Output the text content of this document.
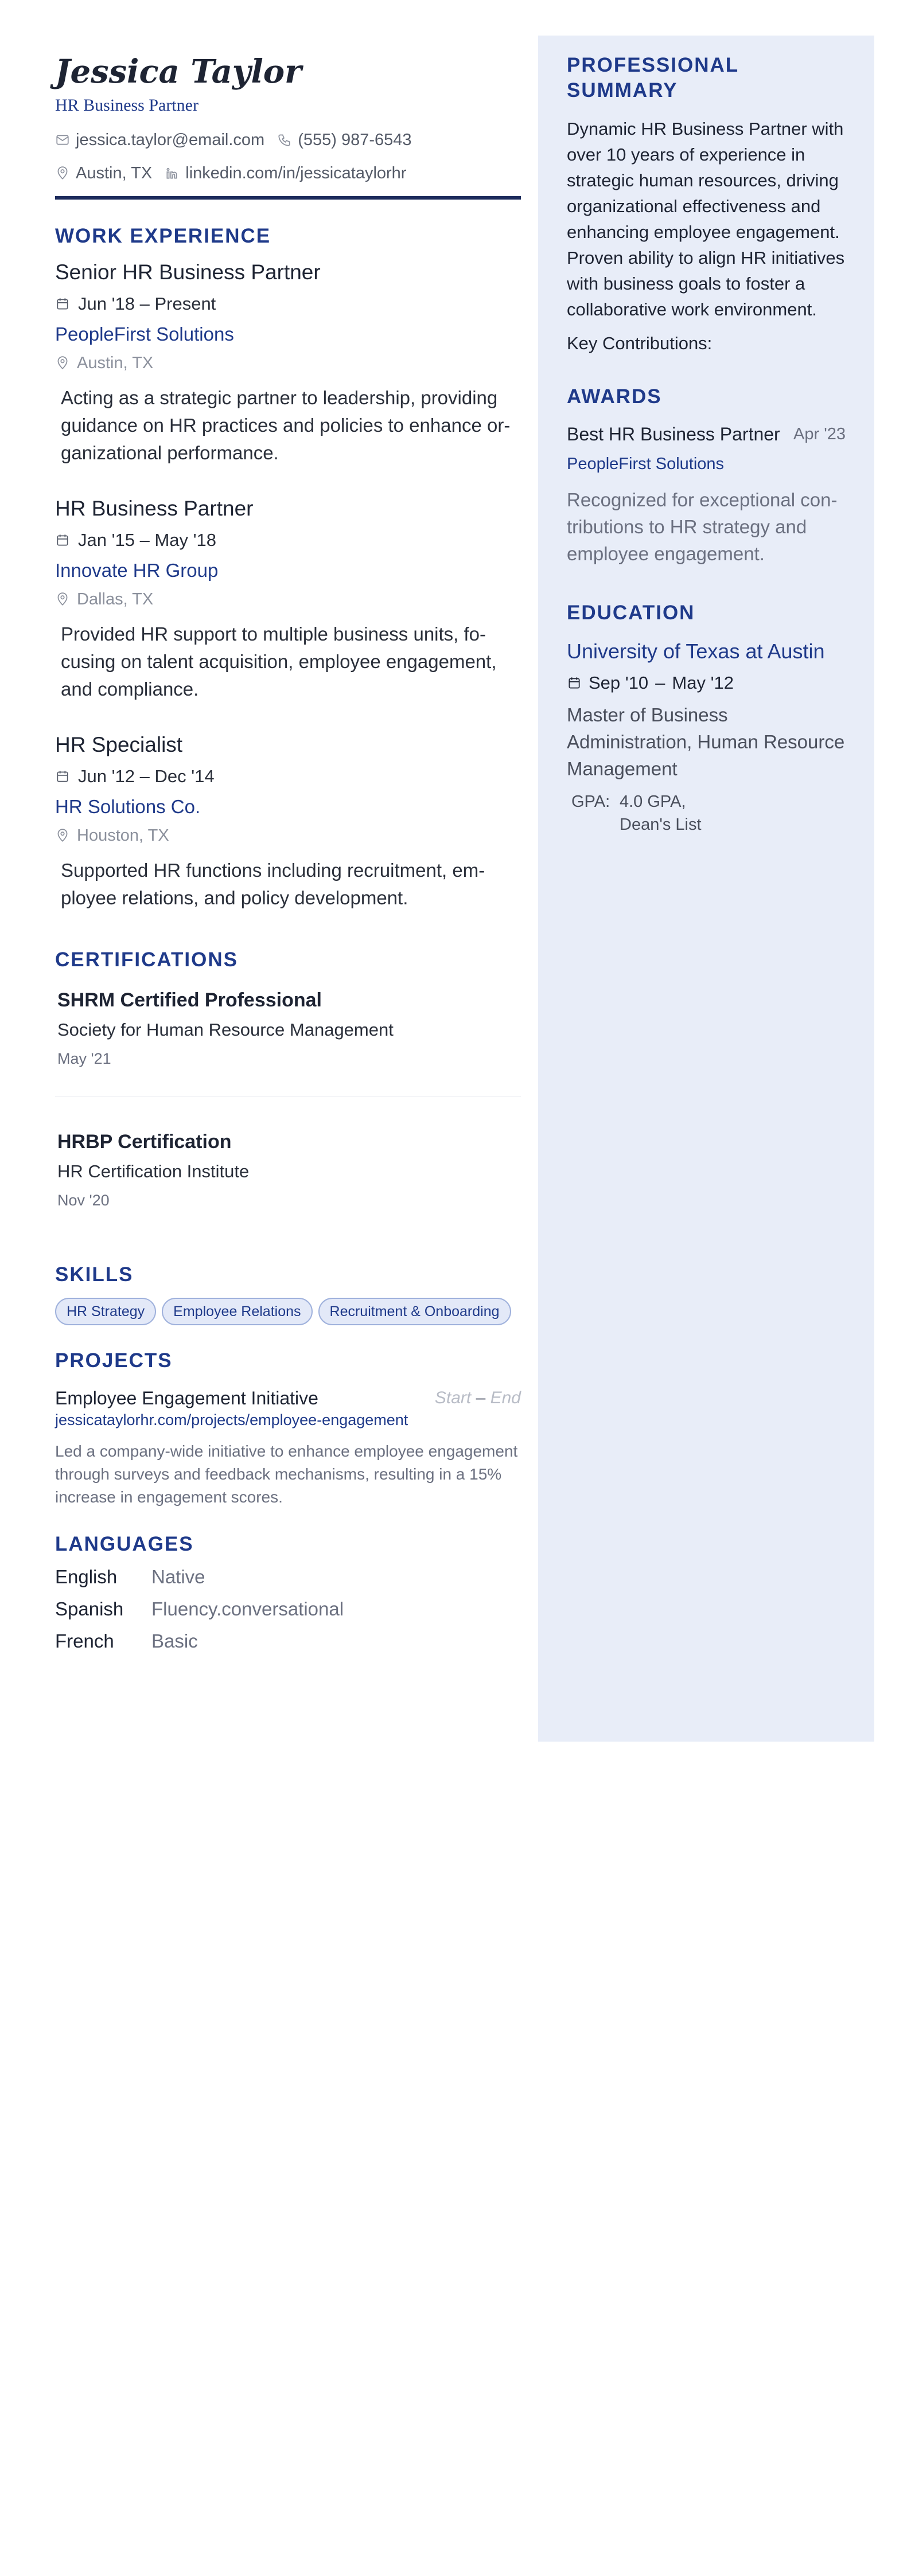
Jessica Taylor
HR Business Partner
jessica.taylor@email.com (555) 987-6543
Austin, TX linkedin.com/in/jessicataylorhr
WORK EXPERIENCE
Senior HR Business Partner
Jun '18 – Present
PeopleFirst Solutions
Austin, TX
Acting as a strategic partner to leadership, providing guidance on HR practices and policies to enhance organizational performance.
HR Business Partner
Jan '15 – May '18
Innovate HR Group
Dallas, TX
Provided HR support to multiple business units, focusing on talent acquisition, employee engagement, and compliance.
HR Specialist
Jun '12 – Dec '14
HR Solutions Co.
Houston, TX
Supported HR functions including recruitment, employee relations, and policy development.
CERTIFICATIONS
SHRM Certified Professional
Society for Human Resource Management
May '21
HRBP Certification
HR Certification Institute
Nov '20
SKILLS
HR Strategy	Employee Relations	Recruitment & Onboarding
PROJECTS
Employee Engagement Initiative	Start – End
jessicataylorhr.com/projects/employee-engagement
Led a company-wide initiative to enhance employee engagement through surveys and feedback mechanisms, resulting in a 15% increase in engagement scores.
LANGUAGES
English	Native
Spanish	Fluency.conversational
French	Basic
PROFESSIONAL SUMMARY
Dynamic HR Business Partner with over 10 years of experience in strategic human resources, driving organizational effectiveness and enhancing employee engagement. Proven ability to align HR initiatives with business goals to foster a collaborative work environment.
Key Contributions:
AWARDS
Best HR Business Partner Apr '23
PeopleFirst Solutions
Recognized for exceptional contributions to HR strategy and employee engagement.
EDUCATION
University of Texas at Austin
Sep '10 – May '12
Master of Business Administration, Human Resource Management
GPA: 4.0 GPA,
Dean's List
